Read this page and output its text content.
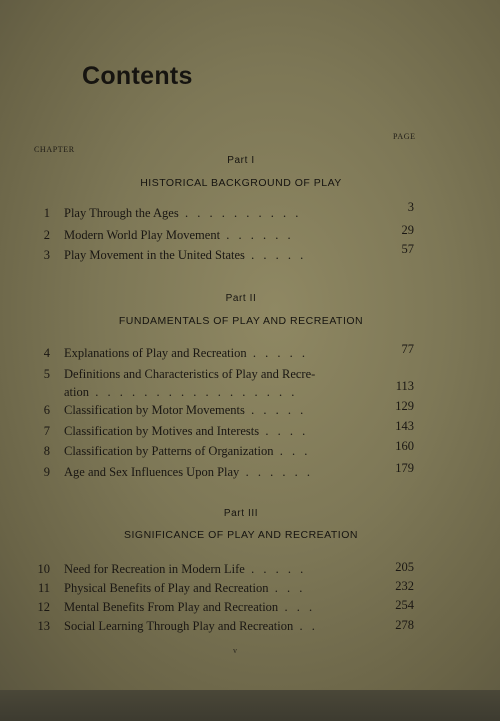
Contents
CHAPTER
PAGE
Part I
HISTORICAL BACKGROUND OF PLAY
1 Play Through the Ages . . . . . . . . . .	3
2 Modern World Play Movement . . . . . .	29
3 Play Movement in the United States . . . . .	57
Part II
FUNDAMENTALS OF PLAY AND RECREATION
4 Explanations of Play and Recreation . . . . .	77
5 Definitions and Characteristics of Play and Recre-
ation . . . . . . . . . . . . . . . . .	113
6 Classification by Motor Movements . . . . .	129
7 Classification by Motives and Interests . . . .	143
8 Classification by Patterns of Organization . . .	160
9 Age and Sex Influences Upon Play . . . . . .	179
Part III
SIGNIFICANCE OF PLAY AND RECREATION
10 Need for Recreation in Modern Life . . . . .	205
11 Physical Benefits of Play and Recreation . . .	232
12 Mental Benefits From Play and Recreation . . .	254
13 Social Learning Through Play and Recreation . .	278
v
